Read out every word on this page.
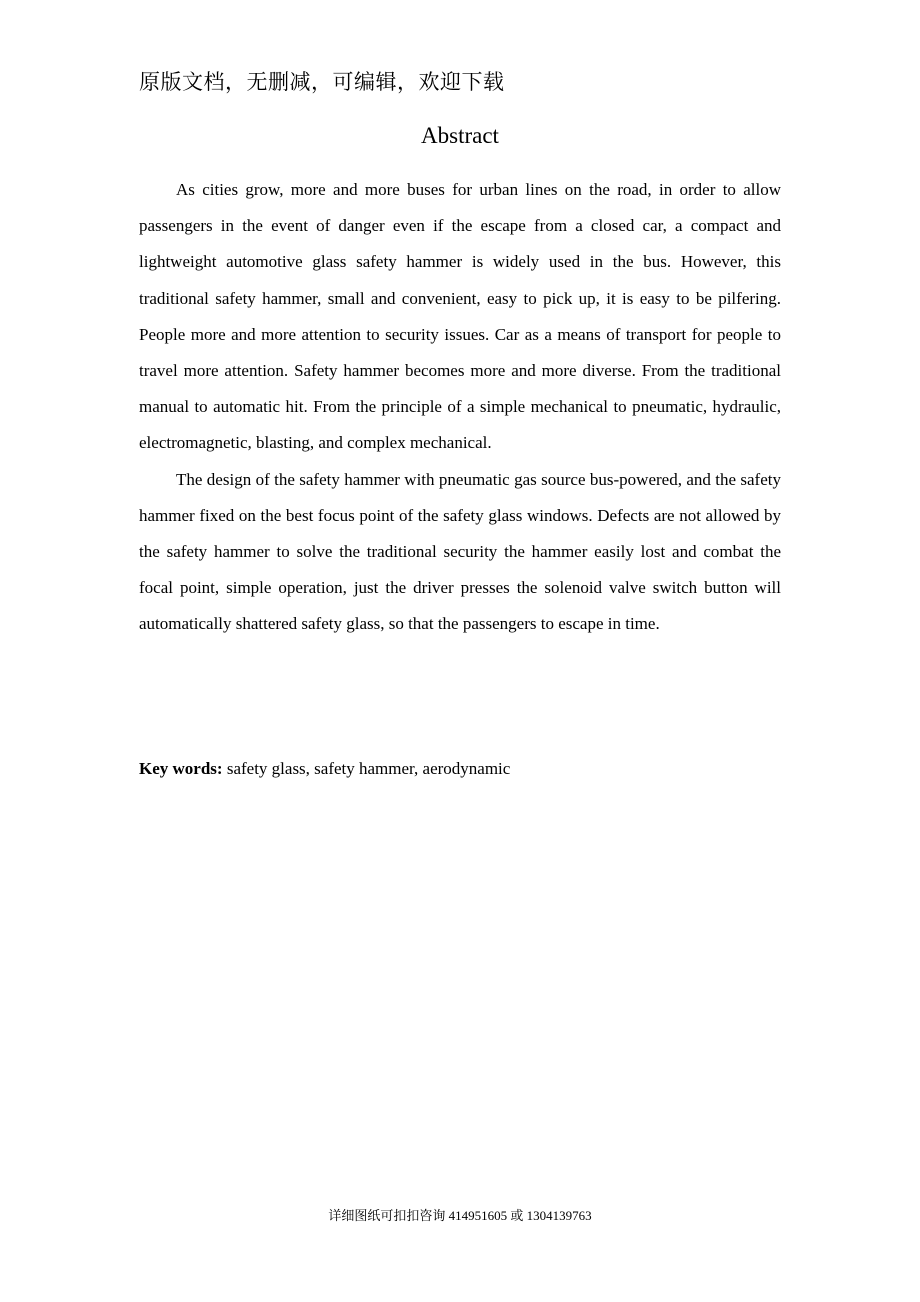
原版文档，无删减，可编辑，欢迎下载
Abstract

As cities grow, more and more buses for urban lines on the road, in order to allow passengers in the event of danger even if the escape from a closed car, a compact and lightweight automotive glass safety hammer is widely used in the bus. However, this traditional safety hammer, small and convenient, easy to pick up, it is easy to be pilfering. People more and more attention to security issues. Car as a means of transport for people to travel more attention. Safety hammer becomes more and more diverse. From the traditional manual to automatic hit. From the principle of a simple mechanical to pneumatic, hydraulic, electromagnetic, blasting, and complex mechanical.

The design of the safety hammer with pneumatic gas source bus-powered, and the safety hammer fixed on the best focus point of the safety glass windows. Defects are not allowed by the safety hammer to solve the traditional security the hammer easily lost and combat the focal point, simple operation, just the driver presses the solenoid valve switch button will automatically shattered safety glass, so that the passengers to escape in time.

Key words: safety glass, safety hammer, aerodynamic
详细图纸可扣扣咨询 414951605 或 1304139763
